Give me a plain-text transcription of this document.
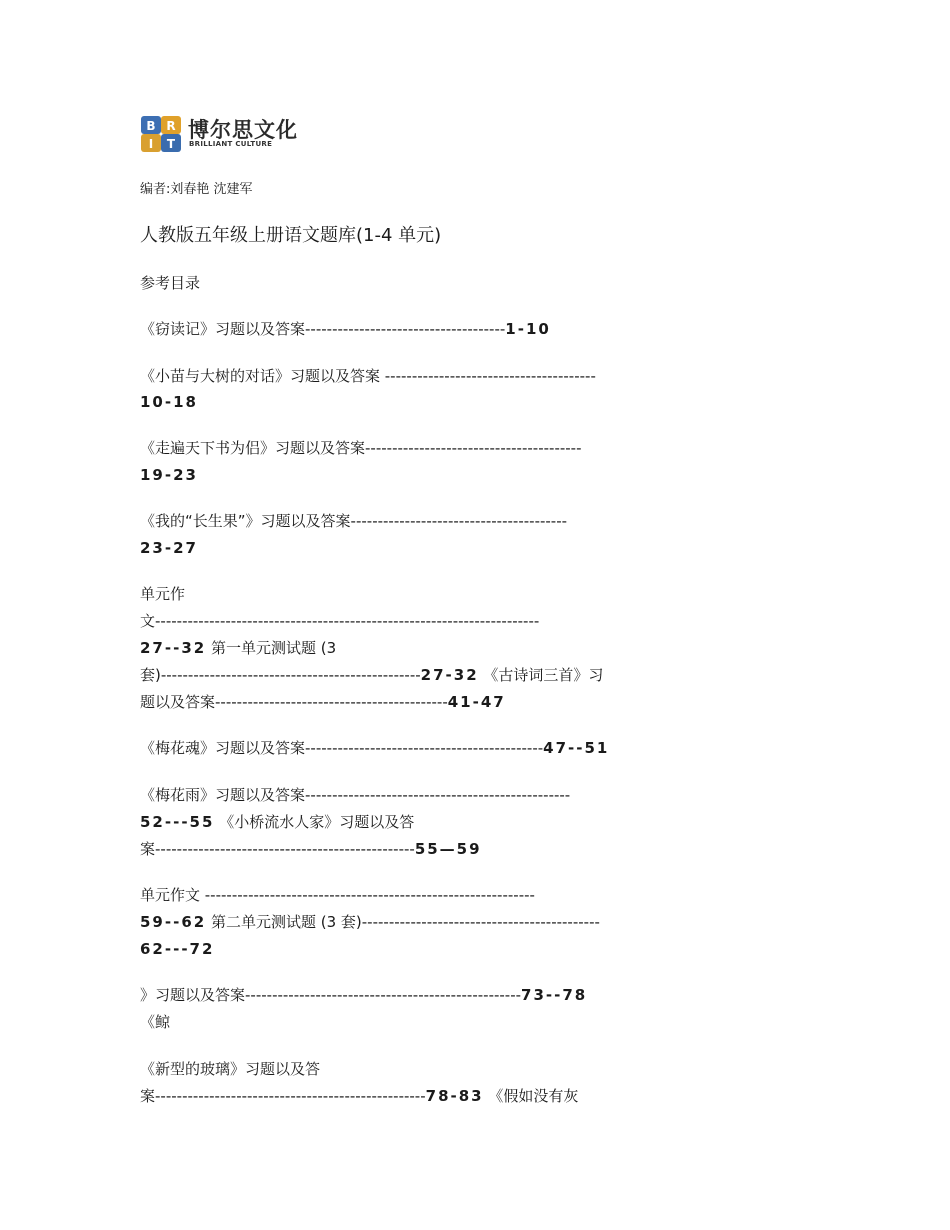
B R
I T
博尔思文化
BRILLIANT CULTURE
编者:刘春艳 沈建军
人教版五年级上册语文题库(1-4 单元)
参考目录
《窃读记》习题以及答案-------------------------------------1-10
《小苗与大树的对话》习题以及答案 ---------------------------------------
10-18
《走遍天下书为侣》习题以及答案----------------------------------------
19-23
《我的“长生果”》习题以及答案----------------------------------------
23-27
单元作
文-----------------------------------------------------------------------
27--32 第一单元测试题 (3
套)------------------------------------------------27-32 《古诗词三首》习
题以及答案-------------------------------------------41-47
《梅花魂》习题以及答案--------------------------------------------47--51
《梅花雨》习题以及答案-------------------------------------------------
52---55 《小桥流水人家》习题以及答
案------------------------------------------------55—59
单元作文 -------------------------------------------------------------
59--62 第二单元测试题 (3 套)--------------------------------------------
62---72
》习题以及答案---------------------------------------------------73--78
《鲸
《新型的玻璃》习题以及答
案--------------------------------------------------78-83 《假如没有灰
